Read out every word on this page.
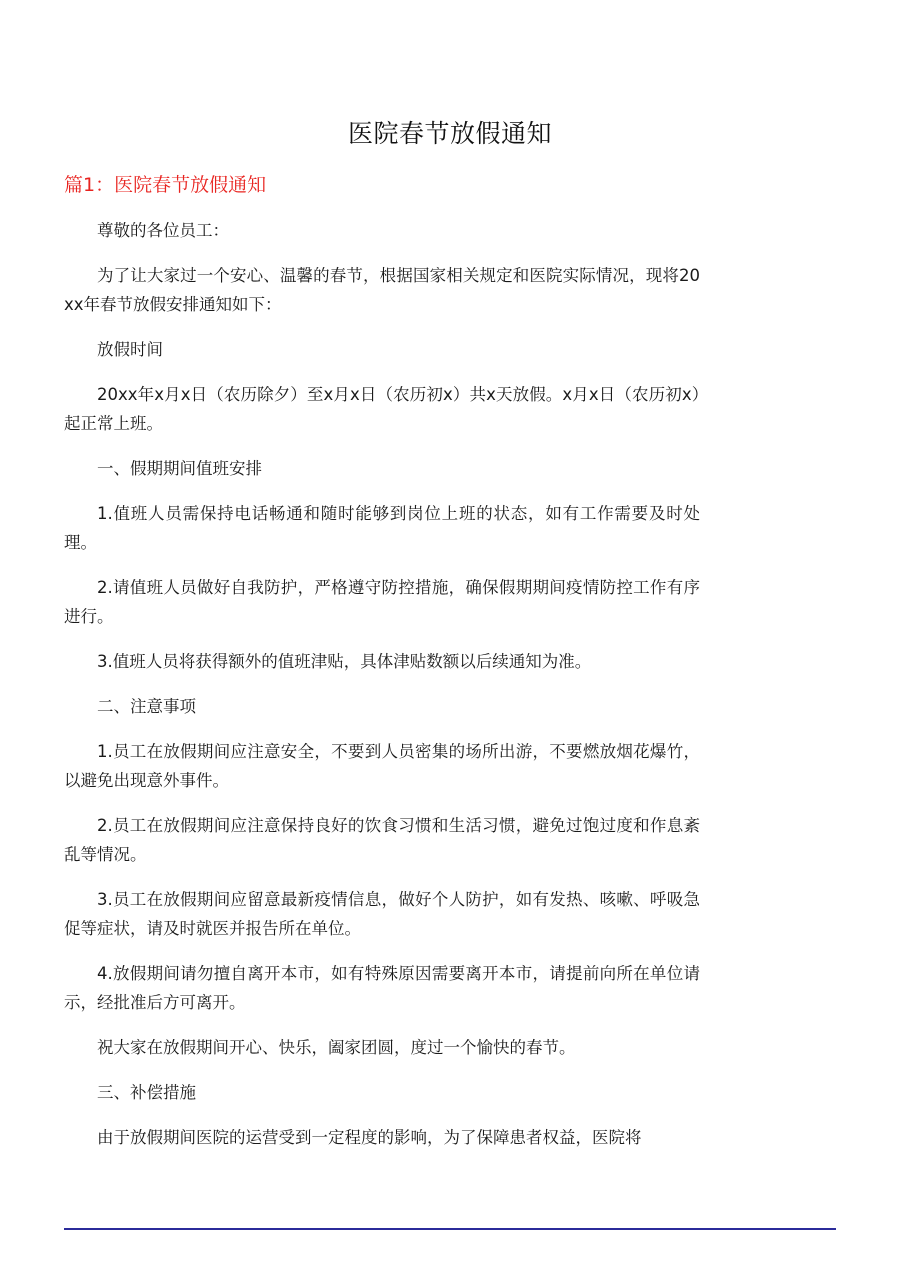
医院春节放假通知
篇1：医院春节放假通知

尊敬的各位员工：

为了让大家过一个安心、温馨的春节，根据国家相关规定和医院实际情况，现将20xx年春节放假安排通知如下：

放假时间

20xx年x月x日（农历除夕）至x月x日（农历初x）共x天放假。x月x日（农历初x）起正常上班。

一、假期期间值班安排

1.值班人员需保持电话畅通和随时能够到岗位上班的状态，如有工作需要及时处理。

2.请值班人员做好自我防护，严格遵守防控措施，确保假期期间疫情防控工作有序进行。

3.值班人员将获得额外的值班津贴，具体津贴数额以后续通知为准。

二、注意事项

1.员工在放假期间应注意安全，不要到人员密集的场所出游，不要燃放烟花爆竹，以避免出现意外事件。

2.员工在放假期间应注意保持良好的饮食习惯和生活习惯，避免过饱过度和作息紊乱等情况。

3.员工在放假期间应留意最新疫情信息，做好个人防护，如有发热、咳嗽、呼吸急促等症状，请及时就医并报告所在单位。

4.放假期间请勿擅自离开本市，如有特殊原因需要离开本市，请提前向所在单位请示，经批准后方可离开。

祝大家在放假期间开心、快乐，阖家团圆，度过一个愉快的春节。

三、补偿措施

由于放假期间医院的运营受到一定程度的影响，为了保障患者权益，医院将
